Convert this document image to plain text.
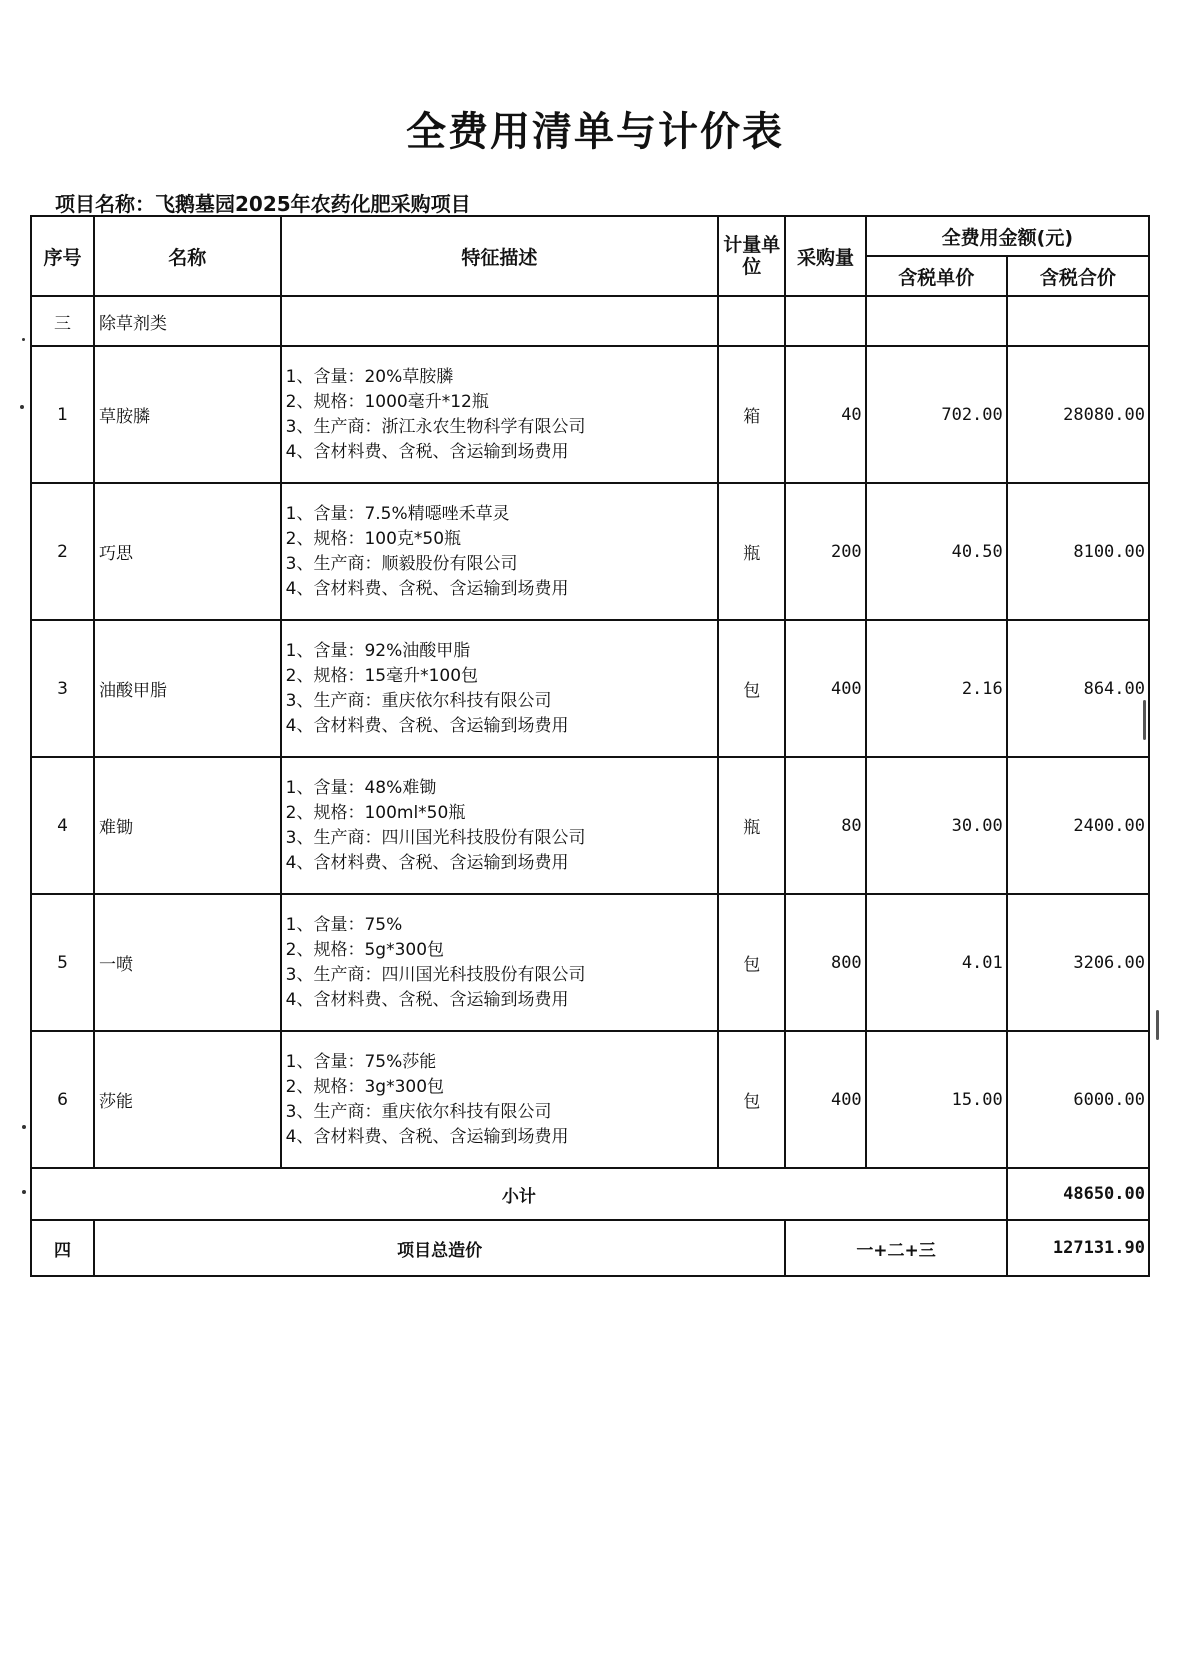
全费用清单与计价表
项目名称：飞鹅墓园2025年农药化肥采购项目
序号	名称	特征描述	计量单位	采购量	全费用金额(元)	
					含税单价	含税合价
三	除草剂类					
1	草胺膦	1、含量：20%草胺膦
2、规格：1000毫升*12瓶
3、生产商：浙江永农生物科学有限公司
4、含材料费、含税、含运输到场费用	箱	40	702.00	28080.00
2	巧思	1、含量：7.5%精噁唑禾草灵
2、规格：100克*50瓶
3、生产商：顺毅股份有限公司
4、含材料费、含税、含运输到场费用	瓶	200	40.50	8100.00
3	油酸甲脂	1、含量：92%油酸甲脂
2、规格：15毫升*100包
3、生产商：重庆依尔科技有限公司
4、含材料费、含税、含运输到场费用	包	400	2.16	864.00
4	难锄	1、含量：48%难锄
2、规格：100ml*50瓶
3、生产商：四川国光科技股份有限公司
4、含材料费、含税、含运输到场费用	瓶	80	30.00	2400.00
5	一喷	1、含量：75%
2、规格：5g*300包
3、生产商：四川国光科技股份有限公司
4、含材料费、含税、含运输到场费用	包	800	4.01	3206.00
6	莎能	1、含量：75%莎能
2、规格：3g*300包
3、生产商：重庆依尔科技有限公司
4、含材料费、含税、含运输到场费用	包	400	15.00	6000.00
小计						48650.00
四	项目总造价			一+二+三		127131.90
